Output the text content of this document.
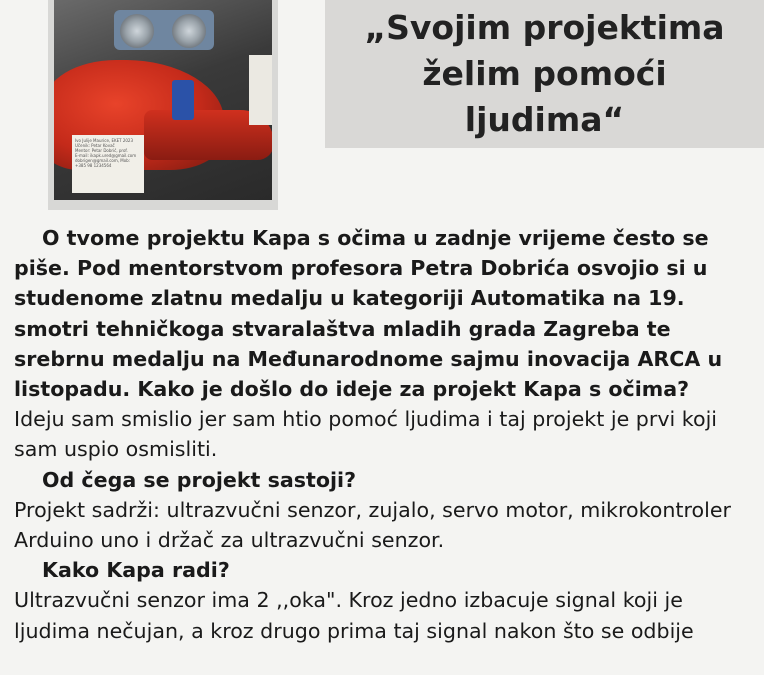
Ivo Julije Maurice, EKET 2023
Učenik: Petar Kovač
Mentor: Petar Dobrić, prof.
E-mail: ikapk.ured@gmail.com
dobrigen@gmail.com, Mob:
+385 98 1234564
„Svojim projektima želim pomoći ljudima“

O tvome projektu Kapa s očima u zadnje vrijeme često se piše. Pod mentorstvom profesora Petra Dobrića osvojio si u studenome zlatnu medalju u kategoriji Automatika na 19. smotri tehničkoga stvaralaštva mladih grada Zagreba te srebrnu medalju na Međunarodnome sajmu inovacija ARCA u listopadu. Kako je došlo do ideje za projekt Kapa s očima?

Ideju sam smislio jer sam htio pomoć ljudima i taj projekt je prvi koji sam uspio osmisliti.

Od čega se projekt sastoji?

Projekt sadrži: ultrazvučni senzor, zujalo, servo motor, mikrokontroler Arduino uno i držač za ultrazvučni senzor.

Kako Kapa radi?

Ultrazvučni senzor ima 2 ,,oka". Kroz jedno izbacuje signal koji je ljudima nečujan, a kroz drugo prima taj signal nakon što se odbije
